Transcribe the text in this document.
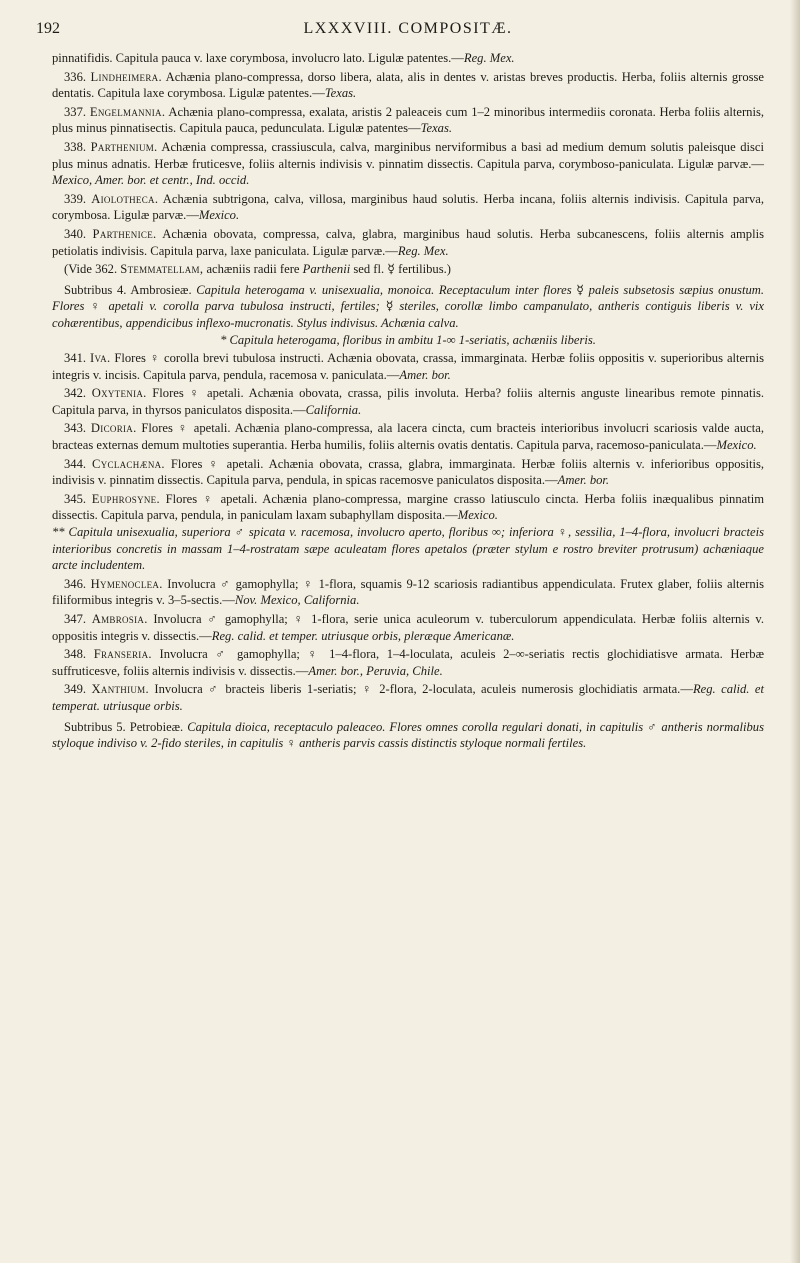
192	LXXXVIII. COMPOSITÆ.

pinnatifidis. Capitula pauca v. laxe corymbosa, involucro lato. Ligulæ patentes.—Reg. Mex.

336. Lindheimera. Achænia plano-compressa, dorso libera, alata, alis in dentes v. aristas breves productis. Herba, foliis alternis grosse dentatis. Capitula laxe corymbosa. Ligulæ patentes.—Texas.

337. Engelmannia. Achænia plano-compressa, exalata, aristis 2 paleaceis cum 1–2 minoribus intermediis coronata. Herba foliis alternis, plus minus pinnatisectis. Capitula pauca, pedunculata. Ligulæ patentes—Texas.

338. Parthenium. Achænia compressa, crassiuscula, calva, marginibus nerviformibus a basi ad medium demum solutis paleisque disci plus minus adnatis. Herbæ fruticesve, foliis alternis indivisis v. pinnatim dissectis. Capitula parva, corymboso-paniculata. Ligulæ parvæ.—Mexico, Amer. bor. et centr., Ind. occid.

339. Aiolotheca. Achænia subtrigona, calva, villosa, marginibus haud solutis. Herba incana, foliis alternis indivisis. Capitula parva, corymbosa. Ligulæ parvæ.—Mexico.

340. Parthenice. Achænia obovata, compressa, calva, glabra, marginibus haud solutis. Herba subcanescens, foliis alternis amplis petiolatis indivisis. Capitula parva, laxe paniculata. Ligulæ parvæ.—Reg. Mex.

(Vide 362. Stemmatellam, achæniis radii fere Parthenii sed fl. ☿ fertilibus.)

Subtribus 4. Ambrosieæ. Capitula heterogama v. unisexualia, monoica. Receptaculum inter flores ☿ paleis subsetosis sæpius onustum. Flores ♀ apetali v. corolla parva tubulosa instructi, fertiles; ☿ steriles, corollæ limbo campanulato, antheris contiguis liberis v. vix cohærentibus, appendicibus inflexo-mucronatis. Stylus indivisus. Achænia calva.

* Capitula heterogama, floribus in ambitu 1-∞ 1-seriatis, achæniis liberis.

341. Iva. Flores ♀ corolla brevi tubulosa instructi. Achænia obovata, crassa, immarginata. Herbæ foliis oppositis v. superioribus alternis integris v. incisis. Capitula parva, pendula, racemosa v. paniculata.—Amer. bor.

342. Oxytenia. Flores ♀ apetali. Achænia obovata, crassa, pilis involuta. Herba? foliis alternis anguste linearibus remote pinnatis. Capitula parva, in thyrsos paniculatos disposita.—California.

343. Dicoria. Flores ♀ apetali. Achænia plano-compressa, ala lacera cincta, cum bracteis interioribus involucri scariosis valde aucta, bracteas externas demum multoties superantia. Herba humilis, foliis alternis ovatis dentatis. Capitula parva, racemoso-paniculata.—Mexico.

344. Cyclachæna. Flores ♀ apetali. Achænia obovata, crassa, glabra, immarginata. Herbæ foliis alternis v. inferioribus oppositis, indivisis v. pinnatim dissectis. Capitula parva, pendula, in spicas racemosve paniculatos disposita.—Amer. bor.

345. Euphrosyne. Flores ♀ apetali. Achænia plano-compressa, margine crasso latiusculo cincta. Herba foliis inæqualibus pinnatim dissectis. Capitula parva, pendula, in paniculam laxam subaphyllam disposita.—Mexico.

** Capitula unisexualia, superiora ♂ spicata v. racemosa, involucro aperto, floribus ∞; inferiora ♀, sessilia, 1–4-flora, involucri bracteis interioribus concretis in massam 1–4-rostratam sæpe aculeatam flores apetalos (præter stylum e rostro breviter protrusum) achæniaque arcte includentem.

346. Hymenoclea. Involucra ♂ gamophylla; ♀ 1-flora, squamis 9-12 scariosis radiantibus appendiculata. Frutex glaber, foliis alternis filiformibus integris v. 3–5-sectis.—Nov. Mexico, California.

347. Ambrosia. Involucra ♂ gamophylla; ♀ 1-flora, serie unica aculeorum v. tuberculorum appendiculata. Herbæ foliis alternis v. oppositis integris v. dissectis.—Reg. calid. et temper. utriusque orbis, pleræque Americanæ.

348. Franseria. Involucra ♂ gamophylla; ♀ 1–4-flora, 1–4-loculata, aculeis 2–∞-seriatis rectis glochidiatisve armata. Herbæ suffruticesve, foliis alternis indivisis v. dissectis.—Amer. bor., Peruvia, Chile.

349. Xanthium. Involucra ♂ bracteis liberis 1-seriatis; ♀ 2-flora, 2-loculata, aculeis numerosis glochidiatis armata.—Reg. calid. et temperat. utriusque orbis.

Subtribus 5. Petrobieæ. Capitula dioica, receptaculo paleaceo. Flores omnes corolla regulari donati, in capitulis ♂ antheris normalibus styloque indiviso v. 2-fido steriles, in capitulis ♀ antheris parvis cassis distinctis styloque normali fertiles.
